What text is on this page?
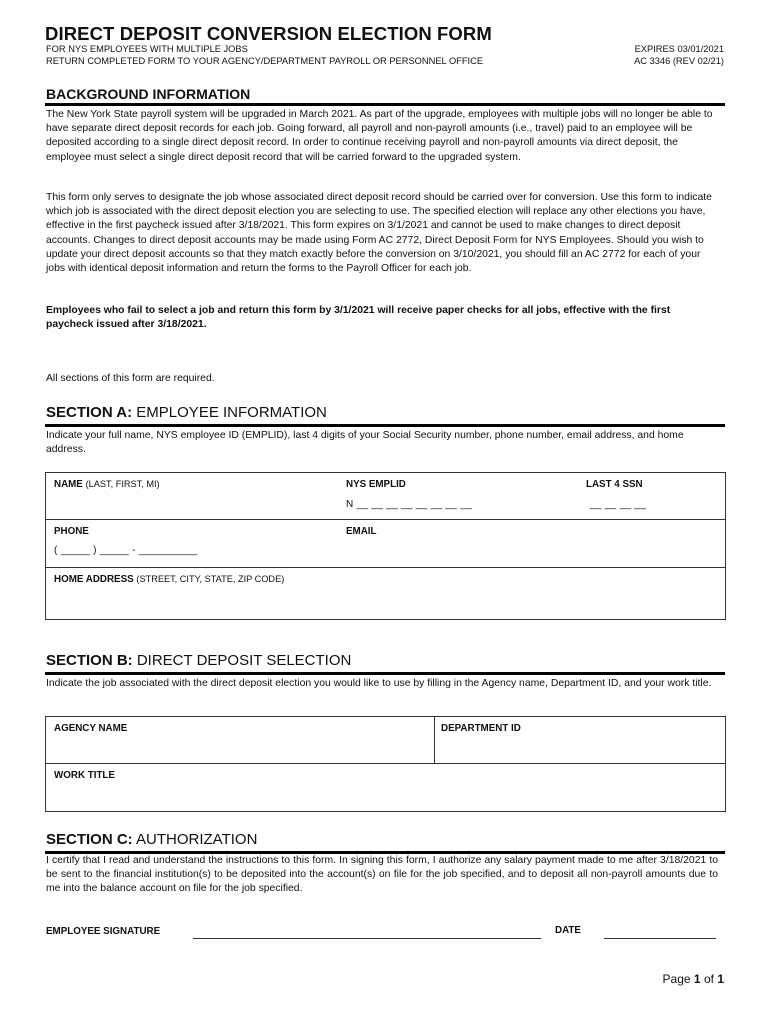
DIRECT DEPOSIT CONVERSION ELECTION FORM
FOR NYS EMPLOYEES WITH MULTIPLE JOBS
RETURN COMPLETED FORM TO YOUR AGENCY/DEPARTMENT PAYROLL OR PERSONNEL OFFICE
EXPIRES 03/01/2021
AC 3346 (REV 02/21)
BACKGROUND INFORMATION
The New York State payroll system will be upgraded in March 2021. As part of the upgrade, employees with multiple jobs will no longer be able to have separate direct deposit records for each job. Going forward, all payroll and non-payroll amounts (i.e., travel) paid to an employee will be deposited according to a single direct deposit record. In order to continue receiving payroll and non-payroll amounts via direct deposit, the employee must select a single direct deposit record that will be carried forward to the upgraded system.
This form only serves to designate the job whose associated direct deposit record should be carried over for conversion. Use this form to indicate which job is associated with the direct deposit election you are selecting to use. The specified election will replace any other elections you have, effective in the first paycheck issued after 3/18/2021. This form expires on 3/1/2021 and cannot be used to make changes to direct deposit accounts. Changes to direct deposit accounts may be made using Form AC 2772, Direct Deposit Form for NYS Employees. Should you wish to update your direct deposit accounts so that they match exactly before the conversion on 3/10/2021, you should fill an AC 2772 for each of your jobs with identical deposit information and return the forms to the Payroll Officer for each job.
Employees who fail to select a job and return this form by 3/1/2021 will receive paper checks for all jobs, effective with the first paycheck issued after 3/18/2021.
All sections of this form are required.
SECTION A: EMPLOYEE INFORMATION
Indicate your full name, NYS employee ID (EMPLID), last 4 digits of your Social Security number, phone number, email address, and home address.
NAME (LAST, FIRST, MI)	NYS EMPLID
N __ __ __ __ __ __ __ __
LAST 4 SSN
__ __ __ __
PHONE
( _____ ) _____ - __________
EMAIL
HOME ADDRESS (STREET, CITY, STATE, ZIP CODE)
SECTION B: DIRECT DEPOSIT SELECTION
Indicate the job associated with the direct deposit election you would like to use by filling in the Agency name, Department ID, and your work title.
AGENCY NAME	DEPARTMENT ID
WORK TITLE
SECTION C: AUTHORIZATION
I certify that I read and understand the instructions to this form. In signing this form, I authorize any salary payment made to me after 3/18/2021 to be sent to the financial institution(s) to be deposited into the account(s) on file for the job specified, and to deposit all non-payroll amounts due to me into the balance account on file for the job specified.
EMPLOYEE SIGNATURE	DATE
Page 1 of 1
